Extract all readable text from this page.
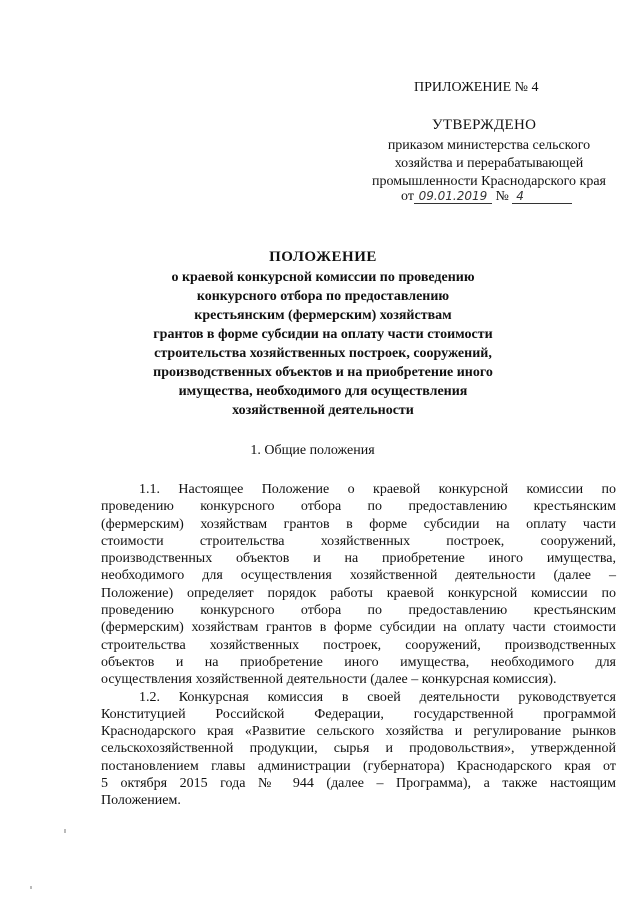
ПРИЛОЖЕНИЕ № 4
УТВЕРЖДЕНО
приказом министерства сельского
хозяйства и перерабатывающей
промышленности Краснодарского края
от 09.01.2019 № 4
ПОЛОЖЕНИЕ
о краевой конкурсной комиссии по проведению
конкурсного отбора по предоставлению
крестьянским (фермерским) хозяйствам
грантов в форме субсидии на оплату части стоимости
строительства хозяйственных построек, сооружений,
производственных объектов и на приобретение иного
имущества, необходимого для осуществления
хозяйственной деятельности
1. Общие положения
1.1. Настоящее Положение о краевой конкурсной комиссии по
проведению конкурсного отбора по предоставлению крестьянским
(фермерским) хозяйствам грантов в форме субсидии на оплату части
стоимости строительства хозяйственных построек, сооружений,
производственных объектов и на приобретение иного имущества,
необходимого для осуществления хозяйственной деятельности (далее –
Положение) определяет порядок работы краевой конкурсной комиссии по
проведению конкурсного отбора по предоставлению крестьянским
(фермерским) хозяйствам грантов в форме субсидии на оплату части стоимости
строительства хозяйственных построек, сооружений, производственных
объектов и на приобретение иного имущества, необходимого для
осуществления хозяйственной деятельности (далее – конкурсная комиссия).
1.2. Конкурсная комиссия в своей деятельности руководствуется
Конституцией Российской Федерации, государственной программой
Краснодарского края «Развитие сельского хозяйства и регулирование рынков
сельскохозяйственной продукции, сырья и продовольствия», утвержденной
постановлением главы администрации (губернатора) Краснодарского края от
5 октября 2015 года № 944 (далее – Программа), а также настоящим
Положением.
